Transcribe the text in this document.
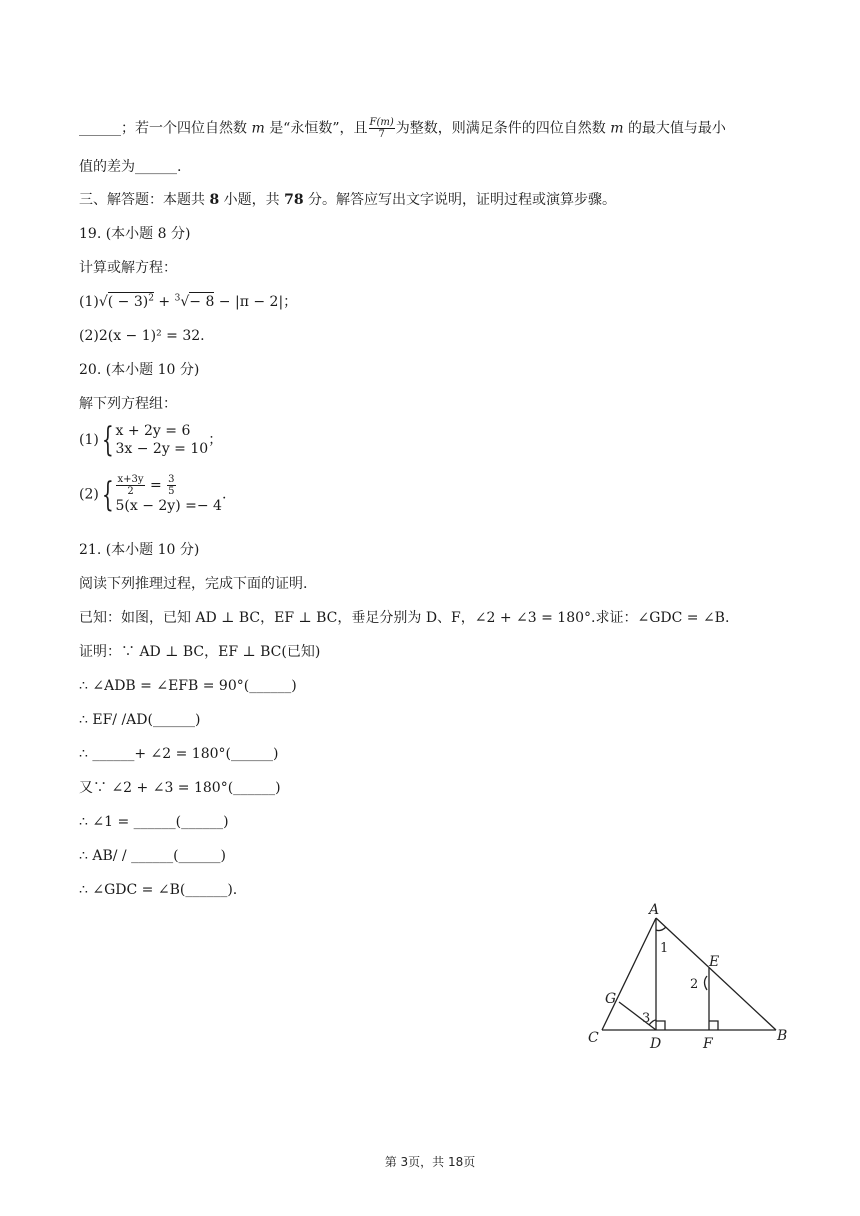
______；若一个四位自然数 m 是“永恒数”，且 $\frac{F(m)}{7}$ 为整数，则满足条件的四位自然数 m 的最大值与最小
值的差为______.
三、解答题：本题共 8 小题，共 78 分。解答应写出文字说明，证明过程或演算步骤。
19. (本小题 8 分)
计算或解方程：
$(1)√( - 3)^2 + ^3√- 8 - |\pi - 2|$；
(2)2(x − 1)² = 32.
20. (本小题 10 分)
解下列方程组：
(1){ x + 2y = 6
3x − 2y = 10
；
$(2)\{ \frac{x+3y}{2} = \frac{3}{5}$
5(x − 2y) =− 4
.
21. (本小题 10 分)
阅读下列推理过程，完成下面的证明.
已知：如图，已知 AD ⊥ BC，EF ⊥ BC，垂足分别为 D、F，∠2 + ∠3 = 180°.求证：∠GDC = ∠B.
证明：∵ AD ⊥ BC，EF ⊥ BC(已知)
∴ ∠ADB = ∠EFB = 90°(______)
∴ EF/ /AD(______)
∴ ______+ ∠2 = 180°(______)
又∵ ∠2 + ∠3 = 180°(______)
∴ ∠1 = ______(______)
∴ AB/ / ______(______)
∴ ∠GDC = ∠B(______).
A
B
C	D
E
F
G
1
2
3
第 3页，共 18页
